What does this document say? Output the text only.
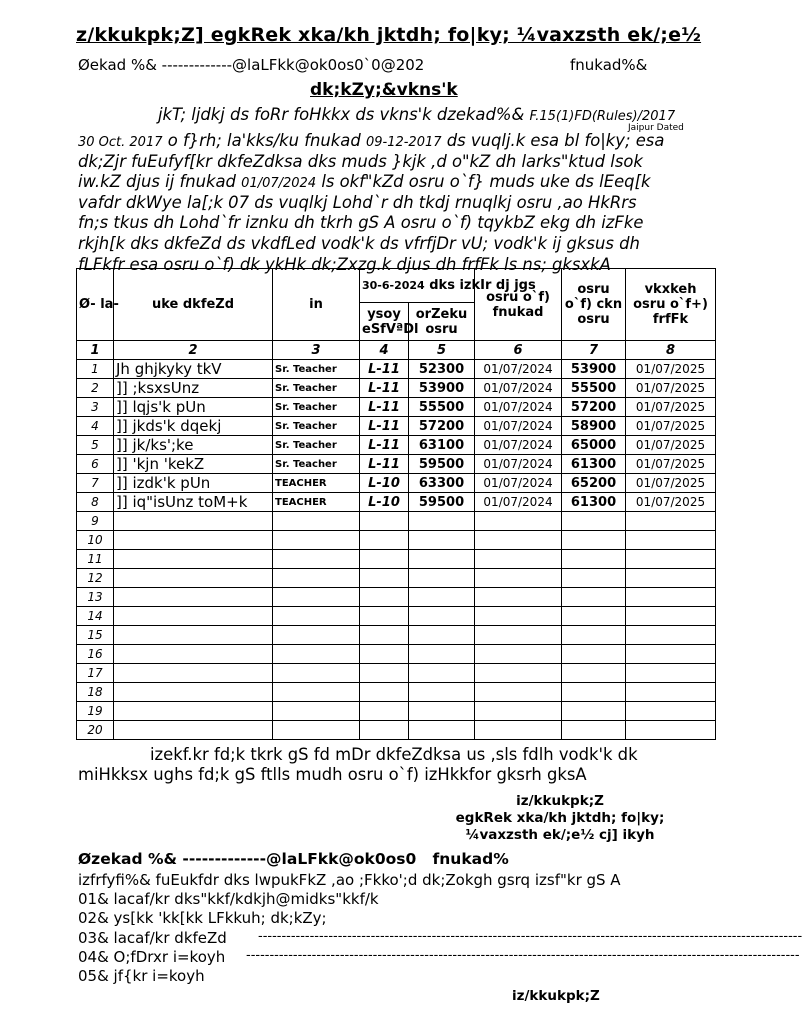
z/kkukpk;Z] egkRek xka/kh jktdh; fo|ky; ¼vaxzsth ek/;e½
Øekad %& -------------@laLFkk@ok0os0`0@202	fnukad%&
dk;kZy;&vkns'k
jkT; ljdkj ds foRr foHkkx ds vkns'k dzekad%& F.15(1)FD(Rules)/2017
Jaipur Dated
30 Oct. 2017 o f}rh; la'kks/ku fnukad 09-12-2017 ds vuqlj.k esa bl fo|ky; esa
dk;Zjr fuEufyf[kr dkfeZdksa dks muds }kjk ,d o"kZ dh larks"ktud lsok
iw.kZ djus ij fnukad 01/07/2024 ls okf"kZd osru o`f} muds uke ds lEeq[k
vafdr dkWye la[;k 07 ds vuqlkj Lohd`r dh tkdj rnuqlkj osru ,ao HkRrs
fn;s tkus dh Lohd`fr iznku dh tkrh gS A osru o`f) tqykbZ ekg dh izFke
rkjh[k dks dkfeZd ds vkdfLed vodk'k ds vfrfjDr vU; vodk'k ij gksus dh
fLFkfr esa osru o`f) dk ykHk dk;Zxzg.k djus dh frfFk ls ns; gksxkA
Ø- la-	uke dkfeZd	in	30-6-2024 dks izkIr dj jgs		osru o`f) fnukad	osru o`f) ckn osru	vkxkeh osru o`f+) frfFk
			ysoy eSfVªDl	orZeku osru			
1	2	3	4	5	6	7	8
1	Jh ghjkyky tkV	Sr. Teacher	L-11	52300	01/07/2024	53900	01/07/2025
2	]] ;ksxsUnz	Sr. Teacher	L-11	53900	01/07/2024	55500	01/07/2025
3	]] lqjs'k pUn	Sr. Teacher	L-11	55500	01/07/2024	57200	01/07/2025
4	]] jkds'k dqekj	Sr. Teacher	L-11	57200	01/07/2024	58900	01/07/2025
5	]] jk/ks';ke	Sr. Teacher	L-11	63100	01/07/2024	65000	01/07/2025
6	]] 'kjn 'kekZ	Sr. Teacher	L-11	59500	01/07/2024	61300	01/07/2025
7	]] izdk'k pUn	TEACHER	L-10	63300	01/07/2024	65200	01/07/2025
8	]] iq"isUnz toM+k	TEACHER	L-10	59500	01/07/2024	61300	01/07/2025
9							
10							
11							
12							
13							
14							
15							
16							
17							
18							
19							
20							
izekf.kr fd;k tkrk gS fd mDr dkfeZdksa us ,sls fdlh vodk'k dk
miHkksx ughs fd;k gS ftlls mudh osru o`f) izHkkfor gksrh gksA
iz/kkukpk;Z
egkRek xka/kh jktdh; fo|ky;
¼vaxzsth ek/;e½ cj] ikyh
Øzekad %& -------------@laLFkk@ok0os0 fnukad%
izfrfyfi%& fuEukfdr dks lwpukFkZ ,ao ;Fkko';d dk;Zokgh gsrq izsf"kr gS A
01& lacaf/kr dks"kkf/kdkjh@midks"kkf/k
02& ys[kk 'kk[kk LFkkuh; dk;kZy;
03& lacaf/kr dkfeZd --------------------------------------------------------------------------------------------------------------------
04& O;fDrxr i=koyh ----------------------------------------------------------------------------------------------------------------------
05& jf{kr i=koyh
iz/kkukpk;Z
